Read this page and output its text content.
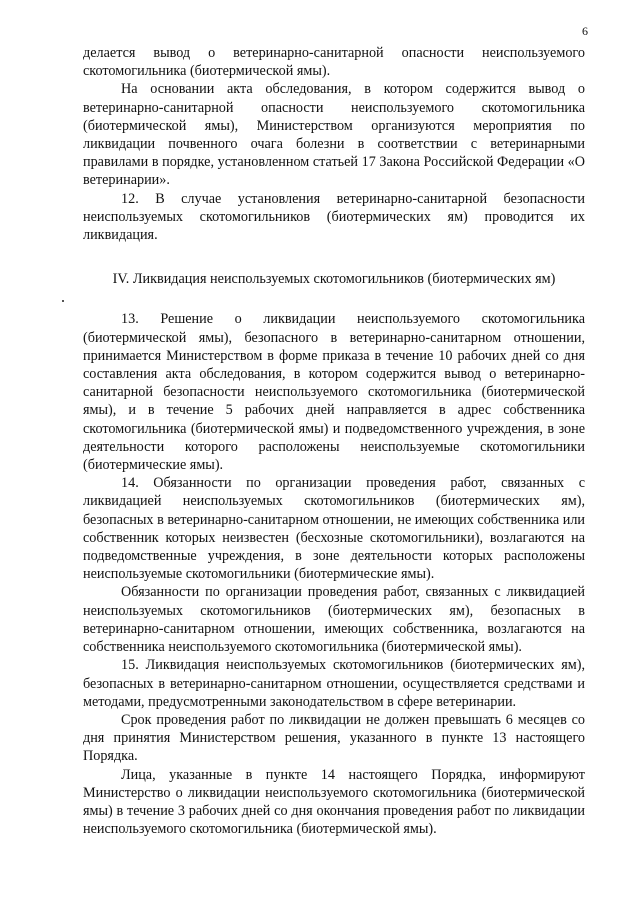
6

делается вывод о ветеринарно-санитарной опасности неиспользуемого скотомогильника (биотермической ямы).

На основании акта обследования, в котором содержится вывод о ветеринарно-санитарной опасности неиспользуемого скотомогильника (биотермической ямы), Министерством организуются мероприятия по ликвидации почвенного очага болезни в соответствии с ветеринарными правилами в порядке, установленном статьей 17 Закона Российской Федерации «О ветеринарии».

12. В случае установления ветеринарно-санитарной безопасности неиспользуемых скотомогильников (биотермических ям) проводится их ликвидация.

IV. Ликвидация неиспользуемых скотомогильников (биотермических ям)

13. Решение о ликвидации неиспользуемого скотомогильника (биотермической ямы), безопасного в ветеринарно-санитарном отношении, принимается Министерством в форме приказа в течение 10 рабочих дней со дня составления акта обследования, в котором содержится вывод о ветеринарно-санитарной безопасности неиспользуемого скотомогильника (биотермической ямы), и в течение 5 рабочих дней направляется в адрес собственника скотомогильника (биотермической ямы) и подведомственного учреждения, в зоне деятельности которого расположены неиспользуемые скотомогильники (биотермические ямы).

14. Обязанности по организации проведения работ, связанных с ликвидацией неиспользуемых скотомогильников (биотермических ям), безопасных в ветеринарно-санитарном отношении, не имеющих собственника или собственник которых неизвестен (бесхозные скотомогильники), возлагаются на подведомственные учреждения, в зоне деятельности которых расположены неиспользуемые скотомогильники (биотермические ямы).

Обязанности по организации проведения работ, связанных с ликвидацией неиспользуемых скотомогильников (биотермических ям), безопасных в ветеринарно-санитарном отношении, имеющих собственника, возлагаются на собственника неиспользуемого скотомогильника (биотермической ямы).

15. Ликвидация неиспользуемых скотомогильников (биотермических ям), безопасных в ветеринарно-санитарном отношении, осуществляется средствами и методами, предусмотренными законодательством в сфере ветеринарии.

Срок проведения работ по ликвидации не должен превышать 6 месяцев со дня принятия Министерством решения, указанного в пункте 13 настоящего Порядка.

Лица, указанные в пункте 14 настоящего Порядка, информируют Министерство о ликвидации неиспользуемого скотомогильника (биотермической ямы) в течение 3 рабочих дней со дня окончания проведения работ по ликвидации неиспользуемого скотомогильника (биотермической ямы).
